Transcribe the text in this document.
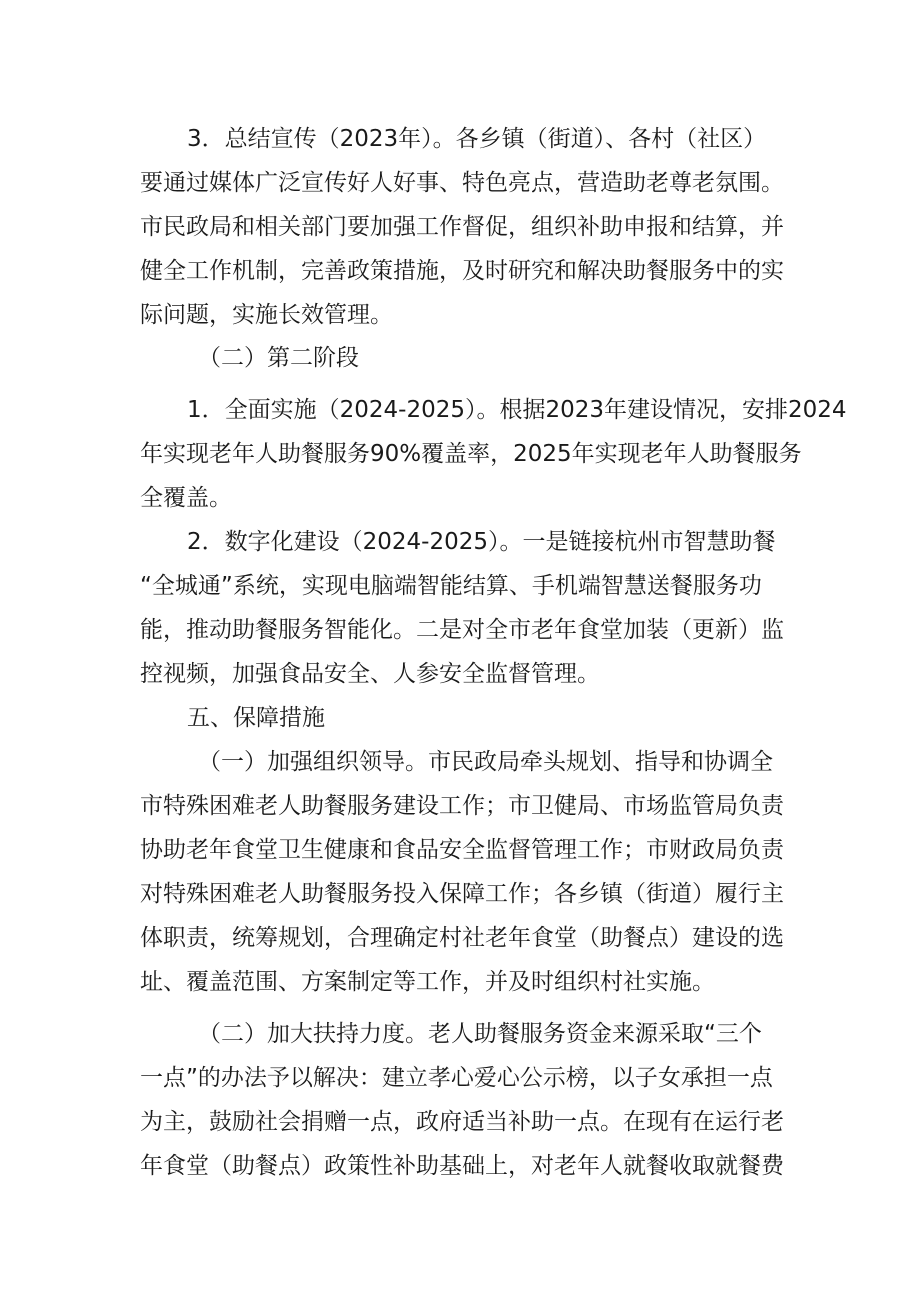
3．总结宣传（2023年）。各乡镇（街道）、各村（社区）
要通过媒体广泛宣传好人好事、特色亮点，营造助老尊老氛围。
市民政局和相关部门要加强工作督促，组织补助申报和结算，并
健全工作机制，完善政策措施，及时研究和解决助餐服务中的实
际问题，实施长效管理。
（二）第二阶段
1．全面实施（2024-2025）。根据2023年建设情况，安排2024
年实现老年人助餐服务90%覆盖率，2025年实现老年人助餐服务
全覆盖。
2．数字化建设（2024-2025）。一是链接杭州市智慧助餐
“全城通”系统，实现电脑端智能结算、手机端智慧送餐服务功
能，推动助餐服务智能化。二是对全市老年食堂加装（更新）监
控视频，加强食品安全、人参安全监督管理。
五、保障措施
（一）加强组织领导。市民政局牵头规划、指导和协调全
市特殊困难老人助餐服务建设工作；市卫健局、市场监管局负责
协助老年食堂卫生健康和食品安全监督管理工作；市财政局负责
对特殊困难老人助餐服务投入保障工作；各乡镇（街道）履行主
体职责，统筹规划，合理确定村社老年食堂（助餐点）建设的选
址、覆盖范围、方案制定等工作，并及时组织村社实施。
（二）加大扶持力度。老人助餐服务资金来源采取“三个
一点”的办法予以解决：建立孝心爱心公示榜，以子女承担一点
为主，鼓励社会捐赠一点，政府适当补助一点。在现有在运行老
年食堂（助餐点）政策性补助基础上，对老年人就餐收取就餐费
